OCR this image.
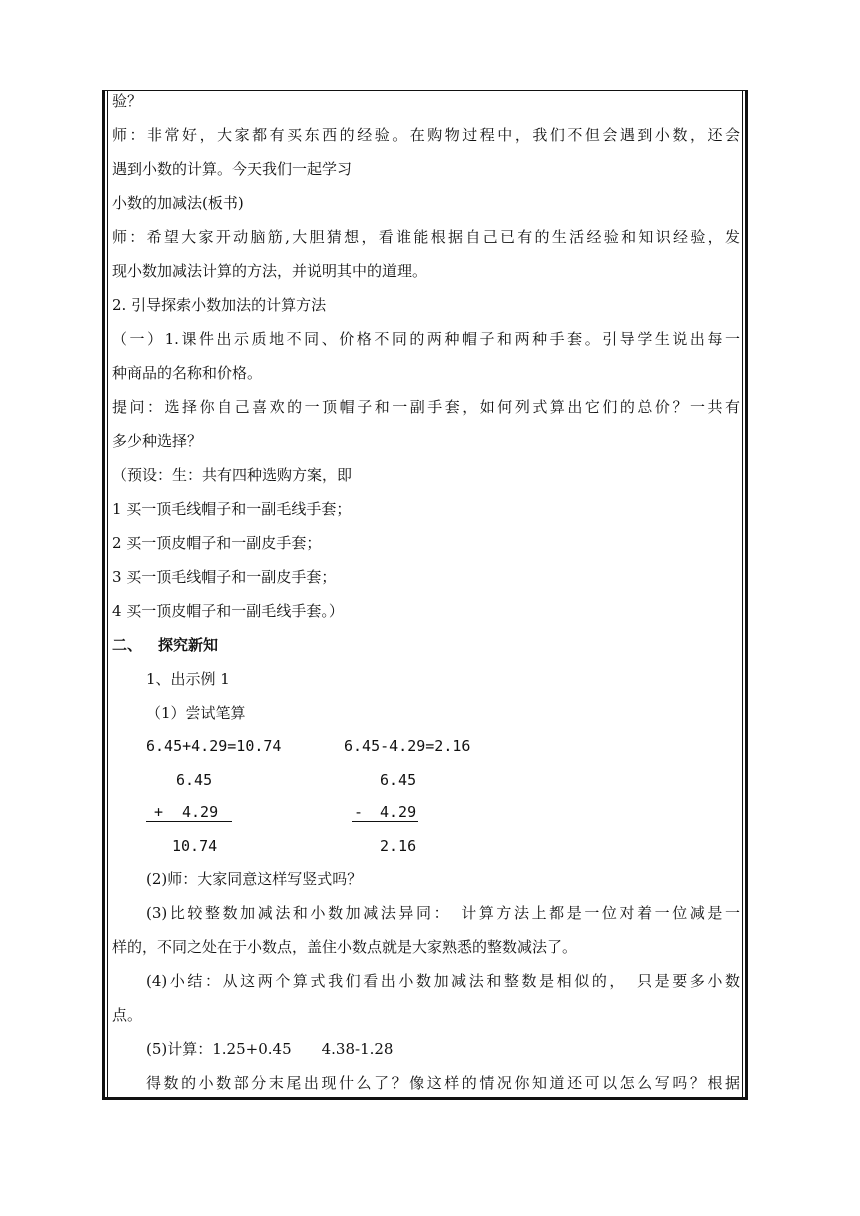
验？
师：非常好，大家都有买东西的经验。在购物过程中，我们不但会遇到小数，还会
遇到小数的计算。今天我们一起学习
小数的加减法(板书)
师：希望大家开动脑筋,大胆猜想，看谁能根据自己已有的生活经验和知识经验，发
现小数加减法计算的方法，并说明其中的道理。
2. 引导探索小数加法的计算方法
（一）1.课件出示质地不同、价格不同的两种帽子和两种手套。引导学生说出每一
种商品的名称和价格。
提问：选择你自己喜欢的一顶帽子和一副手套，如何列式算出它们的总价？一共有
多少种选择？
（预设：生：共有四种选购方案，即
1 买一顶毛线帽子和一副毛线手套；
2 买一顶皮帽子和一副皮手套；
3 买一顶毛线帽子和一副皮手套；
4 买一顶皮帽子和一副毛线手套。）
二、 探究新知
1、出示例 1
（1）尝试笔算
6.45+4.29=10.74	6.45-4.29=2.16
6.45	6.45
+ 4.29	- 4.29
10.74	2.16
(2)师：大家同意这样写竖式吗？
(3)比较整数加减法和小数加减法异同：　计算方法上都是一位对着一位减是一
样的，不同之处在于小数点，盖住小数点就是大家熟悉的整数减法了。
(4)小结：从这两个算式我们看出小数加减法和整数是相似的，　只是要多小数
点。
(5)计算：1.25+0.45　　4.38-1.28
得数的小数部分末尾出现什么了？像这样的情况你知道还可以怎么写吗？根据
